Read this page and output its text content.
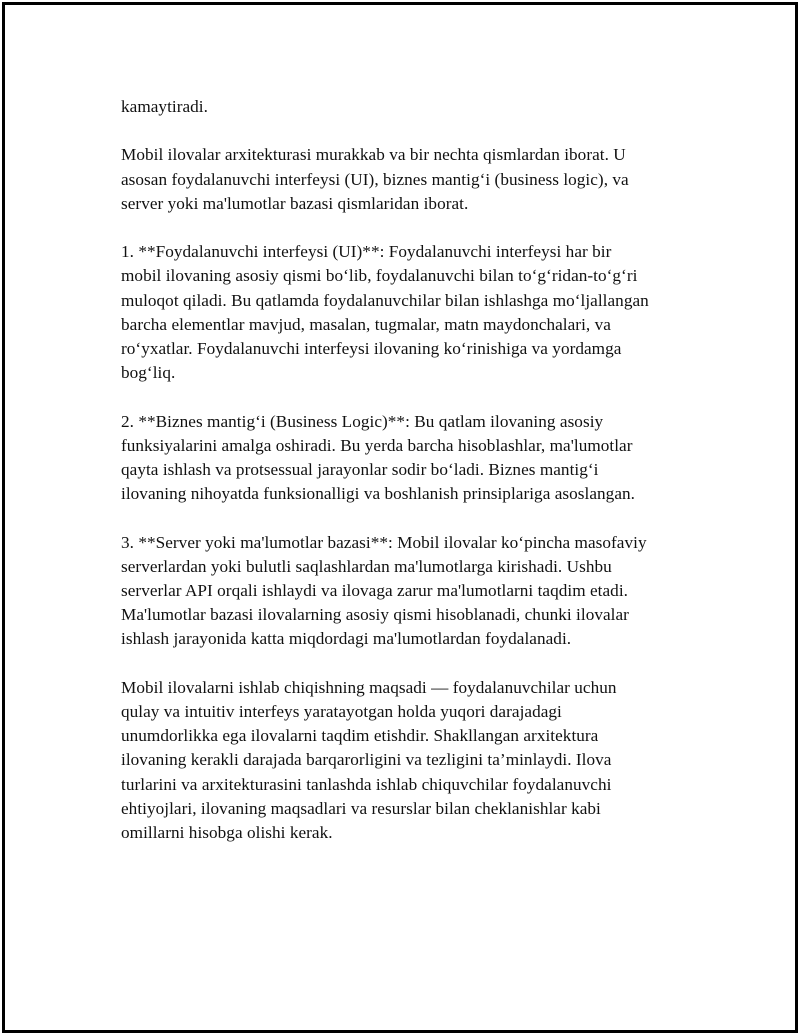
kamaytiradi.

Mobil ilovalar arxitekturasi murakkab va bir nechta qismlardan iborat. U
asosan foydalanuvchi interfeysi (UI), biznes mantig‘i (business logic), va
server yoki ma'lumotlar bazasi qismlaridan iborat.

1. **Foydalanuvchi interfeysi (UI)**: Foydalanuvchi interfeysi har bir
mobil ilovaning asosiy qismi bo‘lib, foydalanuvchi bilan to‘g‘ridan-to‘g‘ri
muloqot qiladi. Bu qatlamda foydalanuvchilar bilan ishlashga mo‘ljallangan
barcha elementlar mavjud, masalan, tugmalar, matn maydonchalari, va
ro‘yxatlar. Foydalanuvchi interfeysi ilovaning ko‘rinishiga va yordamga
bog‘liq.

2. **Biznes mantig‘i (Business Logic)**: Bu qatlam ilovaning asosiy
funksiyalarini amalga oshiradi. Bu yerda barcha hisoblashlar, ma'lumotlar
qayta ishlash va protsessual jarayonlar sodir bo‘ladi. Biznes mantig‘i
ilovaning nihoyatda funksionalligi va boshlanish prinsiplariga asoslangan.

3. **Server yoki ma'lumotlar bazasi**: Mobil ilovalar ko‘pincha masofaviy
serverlardan yoki bulutli saqlashlardan ma'lumotlarga kirishadi. Ushbu
serverlar API orqali ishlaydi va ilovaga zarur ma'lumotlarni taqdim etadi.
Ma'lumotlar bazasi ilovalarning asosiy qismi hisoblanadi, chunki ilovalar
ishlash jarayonida katta miqdordagi ma'lumotlardan foydalanadi.

Mobil ilovalarni ishlab chiqishning maqsadi — foydalanuvchilar uchun
qulay va intuitiv interfeys yaratayotgan holda yuqori darajadagi
unumdorlikka ega ilovalarni taqdim etishdir. Shakllangan arxitektura
ilovaning kerakli darajada barqarorligini va tezligini ta’minlaydi. Ilova
turlarini va arxitekturasini tanlashda ishlab chiquvchilar foydalanuvchi
ehtiyojlari, ilovaning maqsadlari va resurslar bilan cheklanishlar kabi
omillarni hisobga olishi kerak.
